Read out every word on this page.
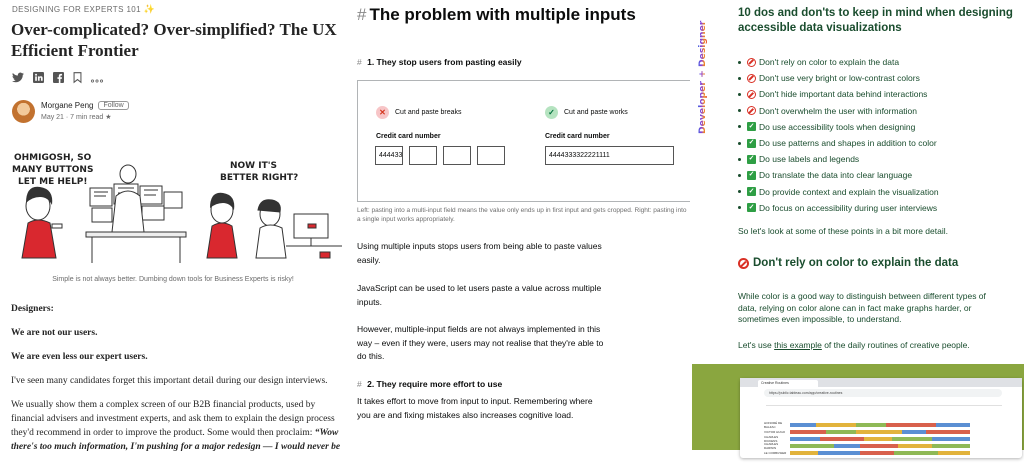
DESIGNING FOR EXPERTS 101 ✨
Over-complicated? Over-simplified? The UX Efficient Frontier
Morgane Peng	Follow
May 21 · 7 min read ★
OHMIGOSH, SO
MANY BUTTONS
LET ME HELP!
NOW IT'S
BETTER RIGHT?
Simple is not always better. Dumbing down tools for Business Experts is risky!

Designers:

We are not our users.

We are even less our expert users.

I've seen many candidates forget this important detail during our design interviews.

We usually show them a complex screen of our B2B financial products, used by financial advisers and investment experts, and ask them to explain the design process they'd recommend in order to improve the product. Some would then proclaim: “Wow there's too much information, I'm pushing for a major redesign — I would never be

# The problem with multiple inputs
# 1. They stop users from pasting easily
✕	Cut and paste breaks	✓	Cut and paste works
Credit card number
444433
Credit card number
4444333322221111
Left: pasting into a multi-input field means the value only ends up in first input and gets cropped. Right: pasting into a single input works appropriately.

Using multiple inputs stops users from being able to paste values easily.

JavaScript can be used to let users paste a value across multiple inputs.

However, multiple-input fields are not always implemented in this way – even if they were, users may not realise that they're able to do this.

# 2. They require more effort to use

It takes effort to move from input to input. Remembering where you are and fixing mistakes also increases cognitive load.

Developer + Designer
10 dos and don'ts to keep in mind when designing accessible data visualizations
Don't rely on color to explain the data
Don't use very bright or low-contrast colors
Don't hide important data behind interactions
Don't overwhelm the user with information
✓ Do use accessibility tools when designing
✓ Do use patterns and shapes in addition to color
✓ Do use labels and legends
✓ Do translate the data into clear language
✓ Do provide context and explain the visualization
✓ Do focus on accessibility during user interviews

So let's look at some of these points in a bit more detail.

Don't rely on color to explain the data

While color is a good way to distinguish between different types of data, relying on color alone can in fact make graphs harder, or sometimes even impossible, to understand.

Let's use this example of the daily routines of creative people.

Creative Routines
https://public.tableau.com/app/creative-routines
HONORÉ DE BALZAC
VICTOR HUGO
CHARLES DICKENS
CHARLES DARWIN
LE CORBUSIER
